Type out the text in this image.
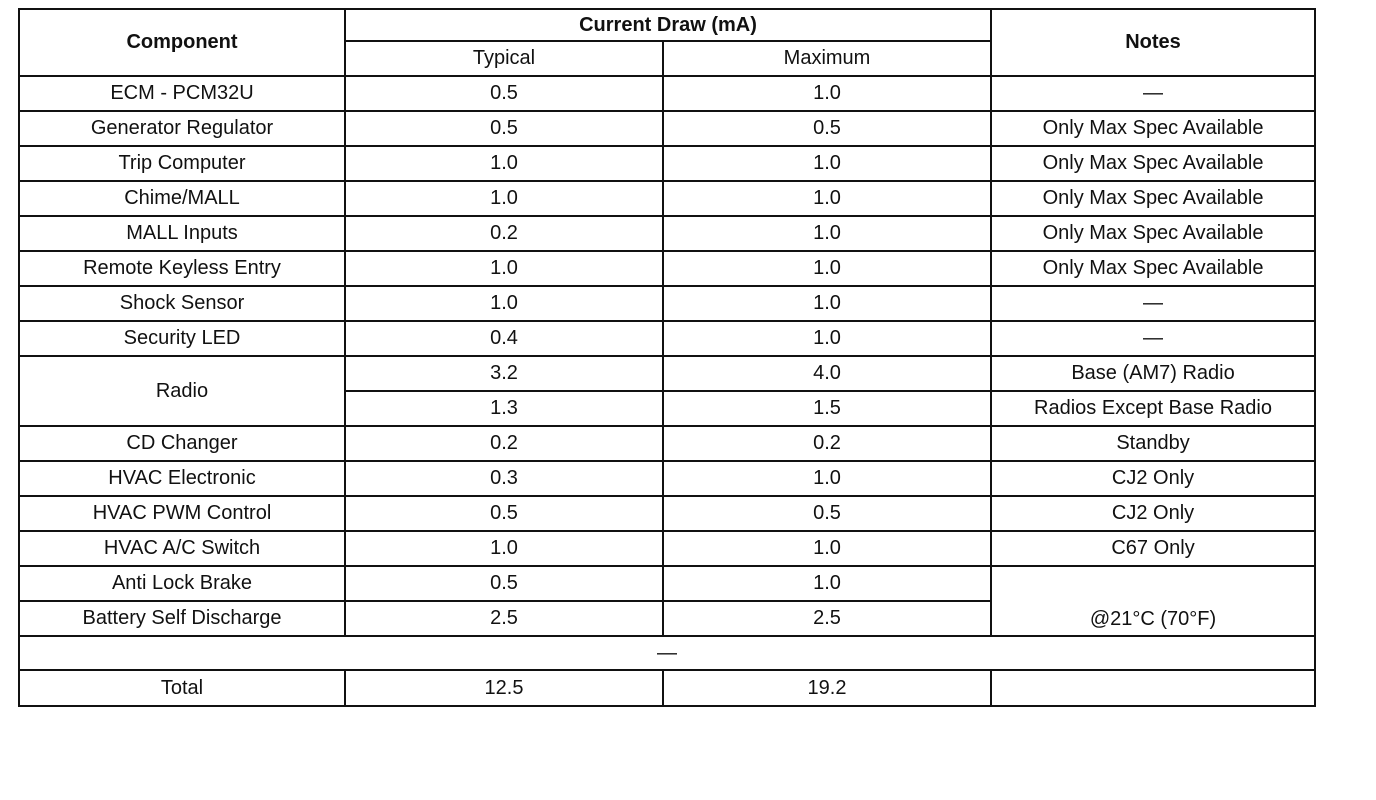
Component	Current Draw (mA)		Notes
	Typical	Maximum	
ECM - PCM32U	0.5	1.0	—
Generator Regulator	0.5	0.5	Only Max Spec Available
Trip Computer	1.0	1.0	Only Max Spec Available
Chime/MALL	1.0	1.0	Only Max Spec Available
MALL Inputs	0.2	1.0	Only Max Spec Available
Remote Keyless Entry	1.0	1.0	Only Max Spec Available
Shock Sensor	1.0	1.0	—
Security LED	0.4	1.0	—
Radio	3.2	4.0	Base (AM7) Radio
	1.3	1.5	Radios Except Base Radio
CD Changer	0.2	0.2	Standby
HVAC Electronic	0.3	1.0	CJ2 Only
HVAC PWM Control	0.5	0.5	CJ2 Only
HVAC A/C Switch	1.0	1.0	C67 Only
Anti Lock Brake	0.5	1.0	@21°C (70°F)
Battery Self Discharge	2.5	2.5	
—			
Total	12.5	19.2	
